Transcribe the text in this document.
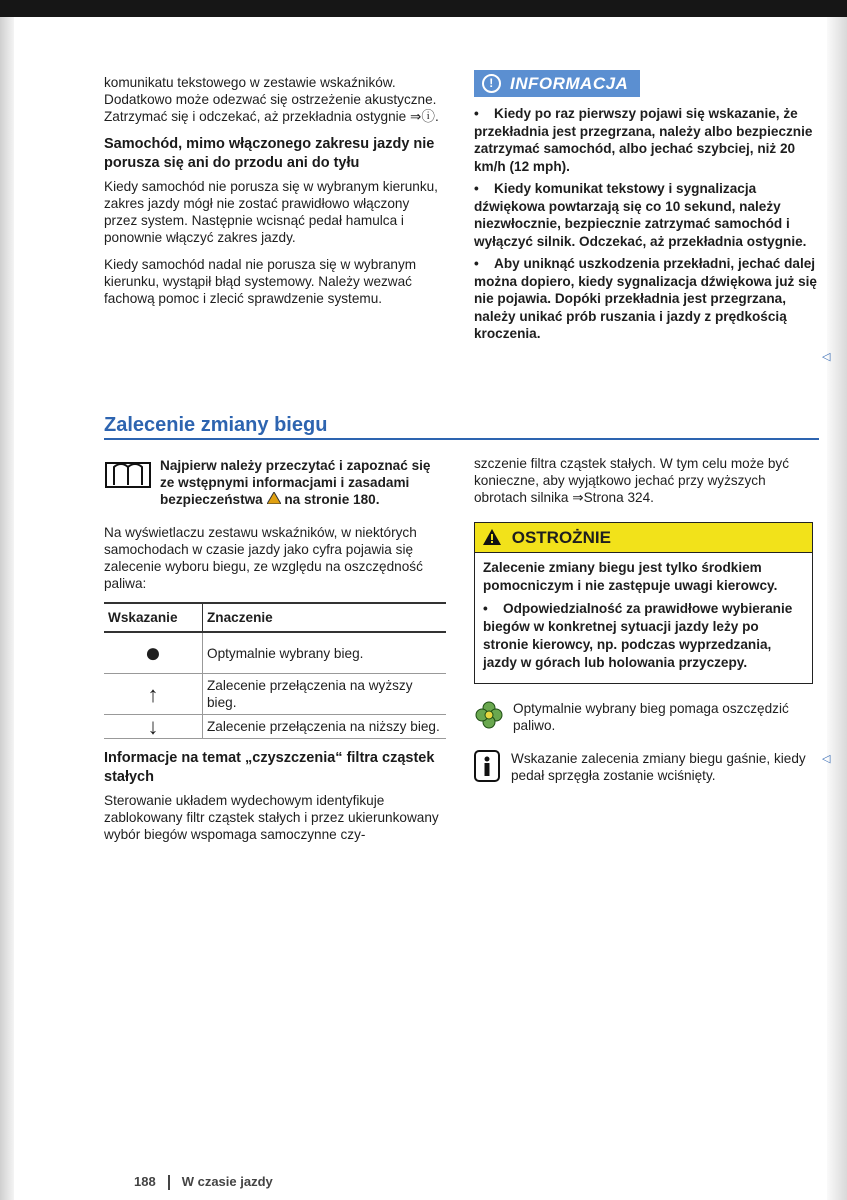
komunikatu tekstowego w zestawie wskaźników. Dodatkowo może odezwać się ostrzeżenie akustyczne. Zatrzymać się i odczekać, aż przekładnia ostygnie ⇒ⓘ.

Samochód, mimo włączonego zakresu jazdy nie porusza się ani do przodu ani do tyłu

Kiedy samochód nie porusza się w wybranym kierunku, zakres jazdy mógł nie zostać prawidłowo włączony przez system. Następnie wcisnąć pedał hamulca i ponownie włączyć zakres jazdy.

Kiedy samochód nadal nie porusza się w wybranym kierunku, wystąpił błąd systemowy. Należy wezwać fachową pomoc i zlecić sprawdzenie systemu.

! INFORMACJA

• Kiedy po raz pierwszy pojawi się wskazanie, że przekładnia jest przegrzana, należy albo bezpiecznie zatrzymać samochód, albo jechać szybciej, niż 20 km/h (12 mph).

• Kiedy komunikat tekstowy i sygnalizacja dźwiękowa powtarzają się co 10 sekund, należy niezwłocznie, bezpiecznie zatrzymać samochód i wyłączyć silnik. Odczekać, aż przekładnia ostygnie.

• Aby uniknąć uszkodzenia przekładni, jechać dalej można dopiero, kiedy sygnalizacja dźwiękowa już się nie pojawia. Dopóki przekładnia jest przegrzana, należy unikać prób ruszania i jazdy z prędkością kroczenia.

◁
Zalecenie zmiany biegu
Najpierw należy przeczytać i zapoznać się ze wstępnymi informacjami i zasadami bezpieczeństwa na stronie 180.

Na wyświetlaczu zestawu wskaźników, w niektórych samochodach w czasie jazdy jako cyfra pojawia się zalecenie wyboru biegu, ze względu na oszczędność paliwa:

Wskazanie	Znaczenie
●	Optymalnie wybrany bieg.
↑	Zalecenie przełączenia na wyższy bieg.
↓	Zalecenie przełączenia na niższy bieg.
Informacje na temat „czyszczenia“ filtra cząstek stałych

Sterowanie układem wydechowym identyfikuje zablokowany filtr cząstek stałych i przez ukierunkowany wybór biegów wspomaga samoczynne czy-

szczenie filtra cząstek stałych. W tym celu może być konieczne, aby wyjątkowo jechać przy wyższych obrotach silnika ⇒Strona 324.

OSTROŻNIE

Zalecenie zmiany biegu jest tylko środkiem pomocniczym i nie zastępuje uwagi kierowcy.

• Odpowiedzialność za prawidłowe wybieranie biegów w konkretnej sytuacji jazdy leży po stronie kierowcy, np. podczas wyprzedzania, jazdy w górach lub holowania przyczepy.

Optymalnie wybrany bieg pomaga oszczędzić paliwo.
Wskazanie zalecenia zmiany biegu gaśnie, kiedy pedał sprzęgła zostanie wciśnięty.
◁
188 W czasie jazdy
